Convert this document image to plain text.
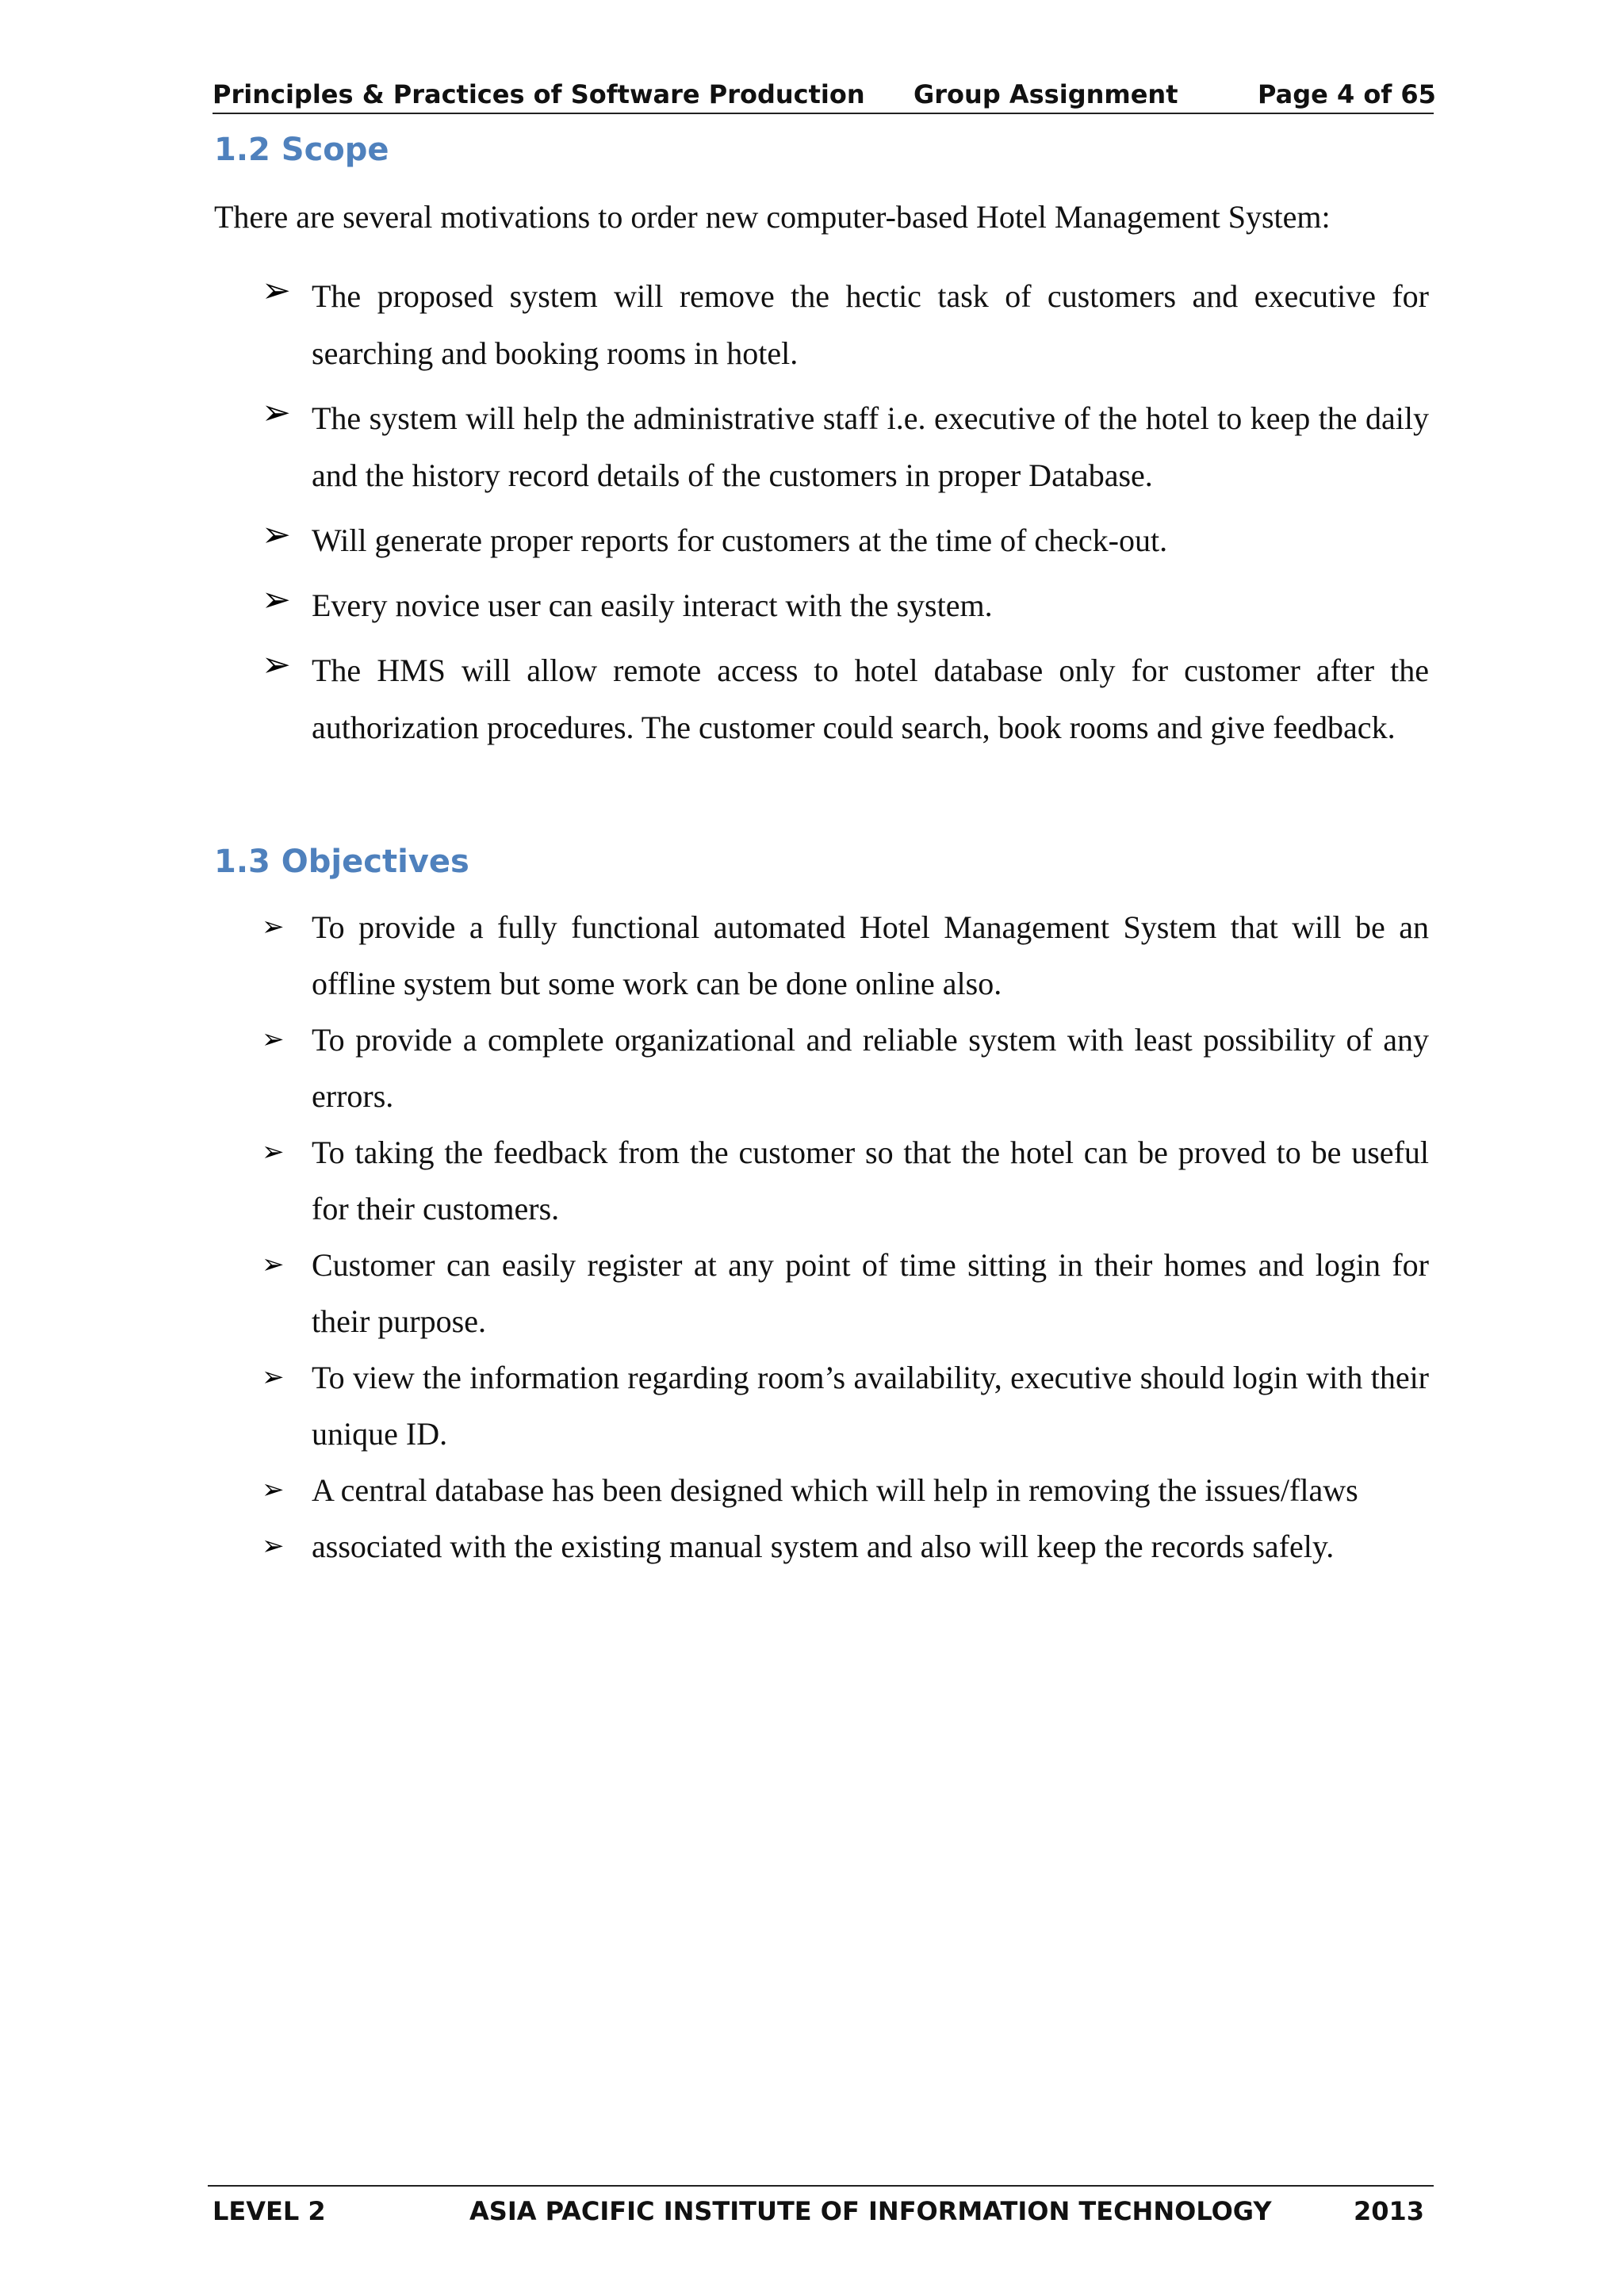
Principles & Practices of Software Production Group Assignment	Page 4 of 65
1.2 Scope
There are several motivations to order new computer-based Hotel Management System:
➢ The proposed system will remove the hectic task of customers and executive for searching and booking rooms in hotel.
➢ The system will help the administrative staff i.e. executive of the hotel to keep the daily and the history record details of the customers in proper Database.
➢ Will generate proper reports for customers at the time of check-out.
➢ Every novice user can easily interact with the system.
➢ The HMS will allow remote access to hotel database only for customer after the authorization procedures. The customer could search, book rooms and give feedback.
1.3 Objectives
➢ To provide a fully functional automated Hotel Management System that will be an offline system but some work can be done online also.
➢ To provide a complete organizational and reliable system with least possibility of any errors.
➢ To taking the feedback from the customer so that the hotel can be proved to be useful for their customers.
➢ Customer can easily register at any point of time sitting in their homes and login for their purpose.
➢ To view the information regarding room’s availability, executive should login with their unique ID.
➢ A central database has been designed which will help in removing the issues/flaws
➢ associated with the existing manual system and also will keep the records safely.
LEVEL 2	ASIA PACIFIC INSTITUTE OF INFORMATION TECHNOLOGY	2013
